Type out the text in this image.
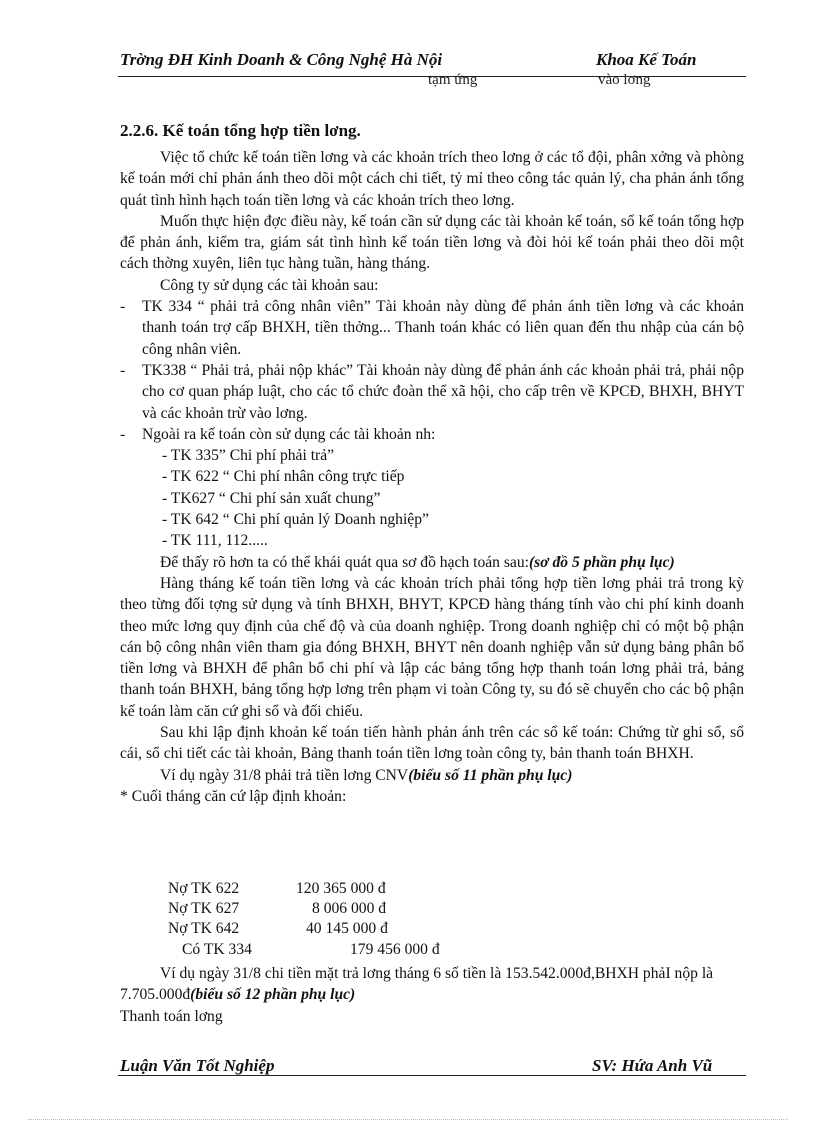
Trờng ĐH Kinh Doanh & Công Nghệ Hà Nội	Khoa Kế Toán
tạm ứng	vào lơng
2.2.6. Kế toán tổng hợp tiền lơng.

Việc tổ chức kế toán tiền lơng và các khoản trích theo lơng ở các tổ đội, phân xởng và phòng kế toán mới chỉ phản ánh theo dõi một cách chi tiết, tỷ mỉ theo công tác quản lý, cha phản ánh tổng quát tình hình hạch toán tiền lơng và các khoản trích theo lơng.

Muốn thực hiện đợc điều này, kế toán cần sử dụng các tài khoản kế toán, sổ kế toán tổng hợp để phản ánh, kiểm tra, giám sát tình hình kế toán tiền lơng và đòi hỏi kế toán phải theo dõi một cách thờng xuyên, liên tục hàng tuần, hàng tháng.

Công ty sử dụng các tài khoản sau:

- TK 334 “ phải trả công nhân viên” Tài khoản này dùng để phản ánh tiền lơng và các khoản thanh toán trợ cấp BHXH, tiền thởng... Thanh toán khác có liên quan đến thu nhập của cán bộ công nhân viên.

- TK338 “ Phải trả, phải nộp khác” Tài khoản này dùng để phản ánh các khoản phải trả, phải nộp cho cơ quan pháp luật, cho các tổ chức đoàn thể xã hội, cho cấp trên về KPCĐ, BHXH, BHYT và các khoản trừ vào lơng.

- Ngoài ra kế toán còn sử dụng các tài khoản nh:

- TK 335” Chi phí phải trả”

- TK 622 “ Chi phí nhân công trực tiếp

- TK627 “ Chi phí sản xuất chung”

- TK 642 “ Chi phí quản lý Doanh nghiệp”

- TK 111, 112.....

Để thấy rõ hơn ta có thể khái quát qua sơ đồ hạch toán sau:(sơ đồ 5 phần phụ lục)

Hàng tháng kế toán tiền lơng và các khoản trích phải tổng hợp tiền lơng phải trả trong kỳ theo từng đối tợng sử dụng và tính BHXH, BHYT, KPCĐ hàng tháng tính vào chi phí kinh doanh theo mức lơng quy định của chế độ và của doanh nghiệp. Trong doanh nghiệp chỉ có một bộ phận cán bộ công nhân viên tham gia đóng BHXH, BHYT nên doanh nghiệp vẫn sử dụng bảng phân bổ tiền lơng và BHXH để phân bổ chi phí và lập các bảng tổng hợp thanh toán lơng phải trả, bảng thanh toán BHXH, bảng tổng hợp lơng trên phạm vi toàn Công ty, su đó sẽ chuyển cho các bộ phận kế toán làm căn cứ ghi sổ và đối chiếu.

Sau khi lập định khoản kế toán tiến hành phản ánh trên các sổ kế toán: Chứng từ ghi sổ, sổ cái, sổ chi tiết các tài khoản, Bảng thanh toán tiền lơng toàn công ty, bản thanh toán BHXH.

Ví dụ ngày 31/8 phải trả tiền lơng CNV(biểu số 11 phần phụ lục)

* Cuối tháng căn cứ lập định khoản:

Nợ TK 622	120 365 000 đ
Nợ TK 627	8 006 000 đ
Nợ TK 642	40 145 000 đ
Có TK 334	179 456 000 đ

Ví dụ ngày 31/8 chi tiền mặt trả lơng tháng 6 số tiền là 153.542.000đ,BHXH phảI nộp là 7.705.000đ(biểu số 12 phần phụ lục)

Thanh toán lơng

Luận Văn Tốt Nghiệp	SV: Hứa Anh Vũ
